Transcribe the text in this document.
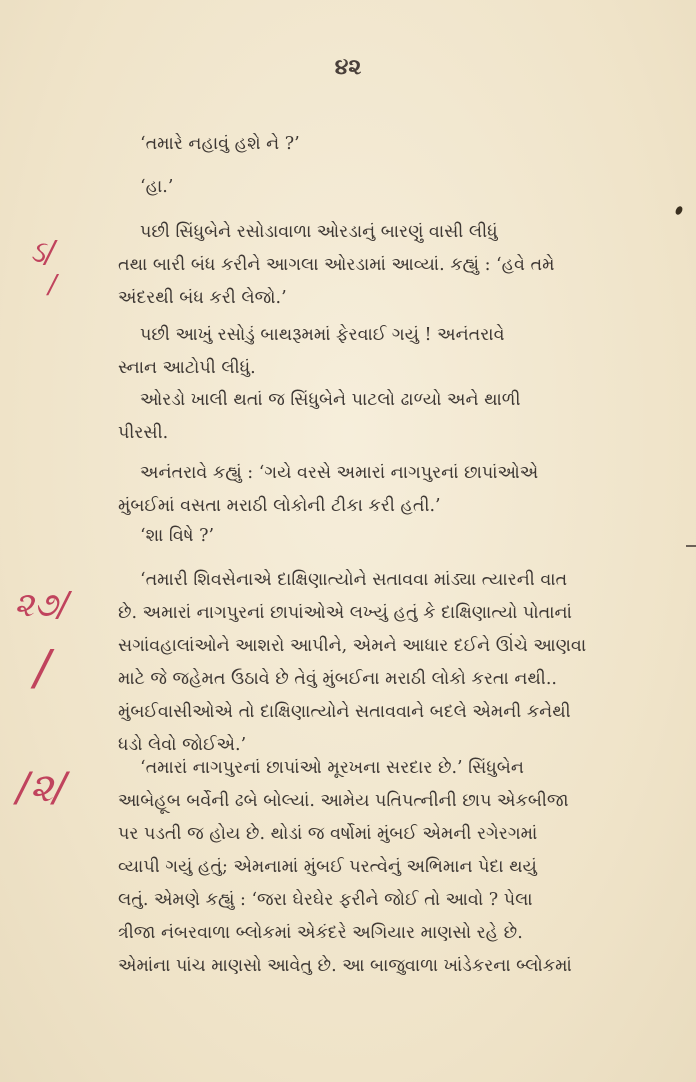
૪૨
‘તમારે નહાવું હશે ને ?’
‘હા.’
પછી સિંધુબેને રસોડાવાળા ઓરડાનું બારણું વાસી લીધું
તથા બારી બંધ કરીને આગલા ઓરડામાં આવ્યાં. કહ્યું : ‘હવે તમે
અંદરથી બંધ કરી લેજો.’
પછી આખું રસોડું બાથરૂમમાં ફેરવાઈ ગયું ! અનંતરાવે
સ્નાન આટોપી લીધું.
ઓરડો ખાલી થતાં જ સિંધુબેને પાટલો ઢાળ્યો અને થાળી
પીરસી.
અનંતરાવે કહ્યું : ‘ગયે વરસે અમારાં નાગપુરનાં છાપાંઓએ
મુંબઈમાં વસતા મરાઠી લોકોની ટીકા કરી હતી.’
‘શા વિષે ?’
‘તમારી શિવસેનાએ દાક્ષિણાત્યોને સતાવવા માંડ્યા ત્યારની વાત
છે. અમારાં નાગપુરનાં છાપાંઓએ લખ્યું હતું કે દાક્ષિણાત્યો પોતાનાં
સગાંવહાલાંઓને આશરો આપીને, એમને આધાર દઈને ઊંચે આણવા
માટે જે જહેમત ઉઠાવે છે તેવું મુંબઈના મરાઠી લોકો કરતા નથી..
મુંબઈવાસીઓએ તો દાક્ષિણાત્યોને સતાવવાને બદલે એમની કનેથી
ધડો લેવો જોઈએ.’
‘તમારાં નાગપુરનાં છાપાંઓ મૂરખના સરદાર છે.’ સિંધુબેન
આબેહૂબ બર્વેની ઢબે બોલ્યાં. આમેય પતિપત્નીની છાપ એકબીજા
પર પડતી જ હોય છે. થોડાં જ વર્ષોમાં મુંબઈ એમની રગેરગમાં
વ્યાપી ગયું હતું; એમનામાં મુંબઈ પરત્વેનું અભિમાન પેદા થયું
લતું. એમણે કહ્યું : ‘જરા ઘેરઘેર ફરીને જોઈ તો આવો ? પેલા
ત્રીજા નંબરવાળા બ્લોકમાં એકંદરે અગિયાર માણસો રહે છે.
એમાંના પાંચ માણસો આવેતુ છે. આ બાજુવાળા ખાંડેકરના બ્લોકમાં
ઽ/
/
૨૭/
/
/૨/
